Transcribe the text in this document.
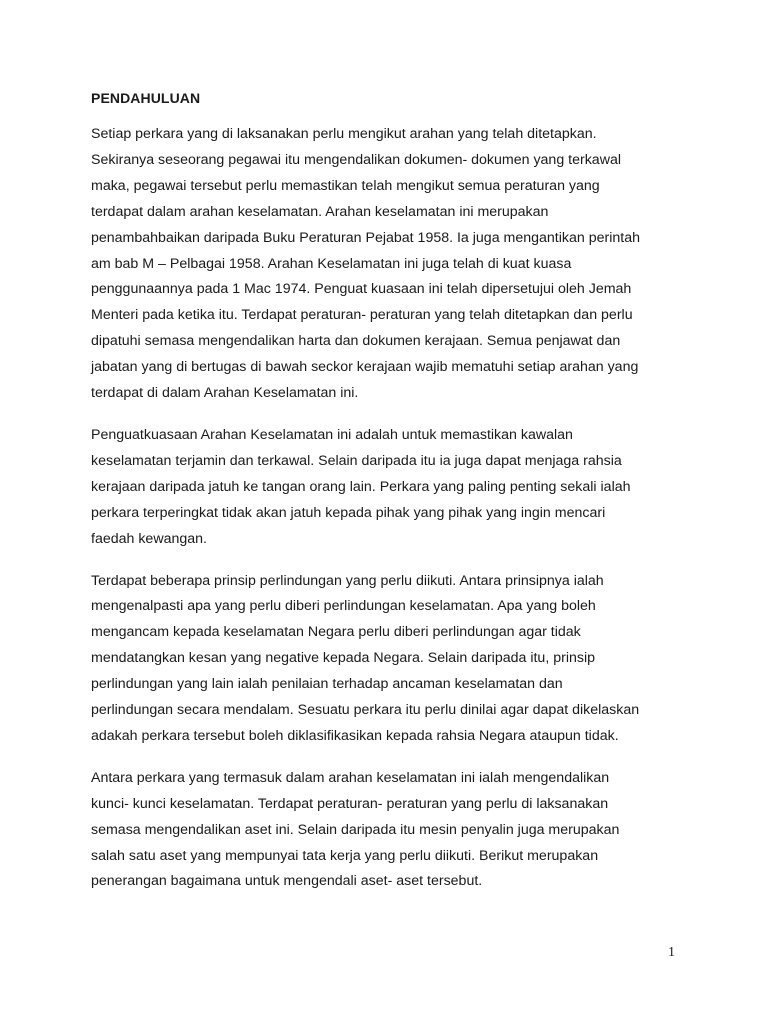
PENDAHULUAN
Setiap perkara yang di laksanakan perlu mengikut arahan yang telah ditetapkan.
Sekiranya seseorang pegawai itu mengendalikan dokumen- dokumen yang terkawal
maka, pegawai tersebut perlu memastikan telah mengikut semua peraturan yang
terdapat dalam arahan keselamatan. Arahan keselamatan ini merupakan
penambahbaikan daripada Buku Peraturan Pejabat 1958. Ia juga mengantikan perintah
am bab M – Pelbagai 1958. Arahan Keselamatan ini juga telah di kuat kuasa
penggunaannya pada 1 Mac 1974. Penguat kuasaan ini telah dipersetujui oleh Jemah
Menteri pada ketika itu. Terdapat peraturan- peraturan yang telah ditetapkan dan perlu
dipatuhi semasa mengendalikan harta dan dokumen kerajaan. Semua penjawat dan
jabatan yang di bertugas di bawah seckor kerajaan wajib mematuhi setiap arahan yang
terdapat di dalam Arahan Keselamatan ini.
Penguatkuasaan Arahan Keselamatan ini adalah untuk memastikan kawalan
keselamatan terjamin dan terkawal. Selain daripada itu ia juga dapat menjaga rahsia
kerajaan daripada jatuh ke tangan orang lain. Perkara yang paling penting sekali ialah
perkara terperingkat tidak akan jatuh kepada pihak yang pihak yang ingin mencari
faedah kewangan.
Terdapat beberapa prinsip perlindungan yang perlu diikuti. Antara prinsipnya ialah
mengenalpasti apa yang perlu diberi perlindungan keselamatan. Apa yang boleh
mengancam kepada keselamatan Negara perlu diberi perlindungan agar tidak
mendatangkan kesan yang negative kepada Negara. Selain daripada itu, prinsip
perlindungan yang lain ialah penilaian terhadap ancaman keselamatan dan
perlindungan secara mendalam. Sesuatu perkara itu perlu dinilai agar dapat dikelaskan
adakah perkara tersebut boleh diklasifikasikan kepada rahsia Negara ataupun tidak.
Antara perkara yang termasuk dalam arahan keselamatan ini ialah mengendalikan
kunci- kunci keselamatan. Terdapat peraturan- peraturan yang perlu di laksanakan
semasa mengendalikan aset ini. Selain daripada itu mesin penyalin juga merupakan
salah satu aset yang mempunyai tata kerja yang perlu diikuti. Berikut merupakan
penerangan bagaimana untuk mengendali aset- aset tersebut.
1
